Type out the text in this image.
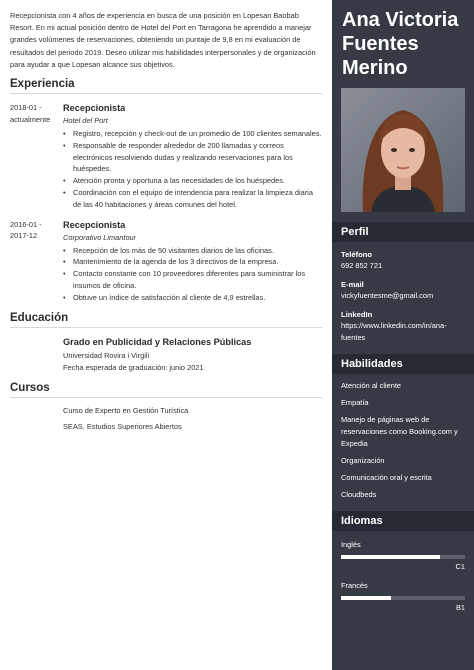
Recepcionista con 4 años de experiencia en busca de una posición en Lopesan Baobab Resort. En mi actual posición dentro de Hotel del Port en Tarragona he aprendido a manejar grandes volúmenes de reservaciones, obteniendo un puntaje de 9,8 en mi evaluación de resultados del periodo 2019. Deseo utilizar mis habilidades interpersonales y de organización para ayudar a que Lopesan alcance sus objetivos.

Experiencia
2018-01 -
actualmente
Recepcionista
Hotel del Port
• Registro, recepción y check-out de un promedio de 100 clientes semanales.
• Responsable de responder alrededor de 200 llamadas y correos electrónicos resolviendo dudas y realizando reservaciones para los huéspedes.
• Atención pronta y oportuna a las necesidades de los huéspedes.
• Coordinación con el equipo de intendencia para realizar la limpieza diaria de las 40 habitaciones y áreas comunes del hotel.
2016-01 -
2017-12
Recepcionista
Corporativo Limantour
• Recepción de los más de 50 visitantes diarios de las oficinas.
• Mantenimiento de la agenda de los 3 directivos de la empresa.
• Contacto constante con 10 proveedores diferentes para suministrar los insumos de oficina.
• Obtuve un índice de satisfacción al cliente de 4,9 estrellas.
Educación
Grado en Publicidad y Relaciones Públicas
Universidad Rovira i Virgili
Fecha esperada de graduación: junio 2021
Cursos
Curso de Experto en Gestión Turística
SEAS, Estudios Superiores Abiertos
Ana Victoria
Fuentes
Merino
Perfil
Teléfono
692 852 721
E-mail
vickyfuentesme@gmail.com
LinkedIn
https://www.linkedin.com/in/ana-
fuentes
Habilidades
Atención al cliente
Empatía
Manejo de páginas web de reservaciones como Booking.com y Expedia
Organización
Comunicación oral y escrita
Cloudbeds
Idiomas
Inglés
C1
Francés
B1
